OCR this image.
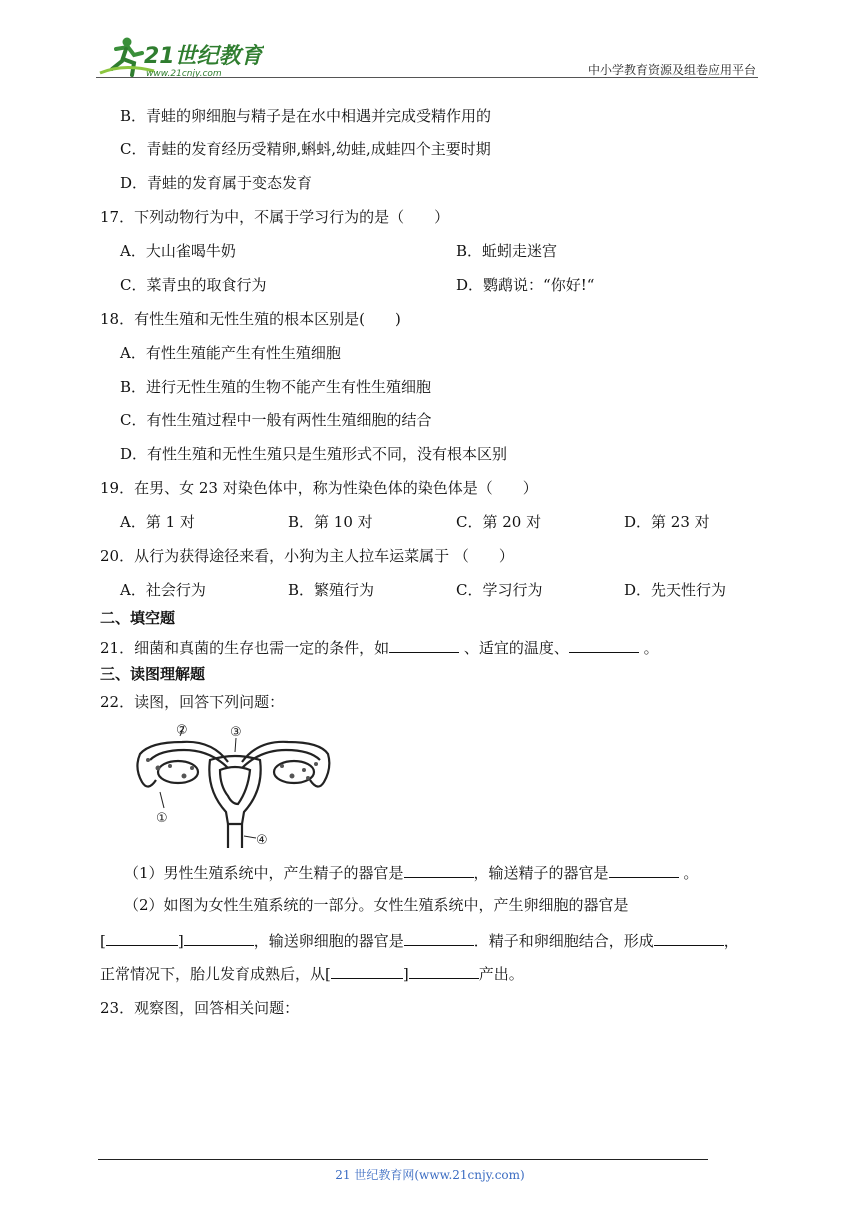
21世纪教育
www.21cnjy.com	中小学教育资源及组卷应用平台
B．青蛙的卵细胞与精子是在水中相遇并完成受精作用的
C．青蛙的发育经历受精卵,蝌蚪,幼蛙,成蛙四个主要时期
D．青蛙的发育属于变态发育
17．下列动物行为中，不属于学习行为的是（　　）
A．大山雀喝牛奶	B．蚯蚓走迷宫
C．菜青虫的取食行为	D．鹦鹉说：“你好!“
18．有性生殖和无性生殖的根本区别是(　　)
A．有性生殖能产生有性生殖细胞
B．进行无性生殖的生物不能产生有性生殖细胞
C．有性生殖过程中一般有两性生殖细胞的结合
D．有性生殖和无性生殖只是生殖形式不同，没有根本区别
19．在男、女 23 对染色体中，称为性染色体的染色体是（　　）
A．第 1 对	B．第 10 对	C．第 20 对	D．第 23 对
20．从行为获得途径来看，小狗为主人拉车运菜属于 （　　）
A．社会行为	B．繁殖行为	C．学习行为	D．先天性行为
二、填空题
21．细菌和真菌的生存也需一定的条件，如	、适宜的温度、	。
三、读图理解题
22．读图，回答下列问题：
①
②	③
④
（1）男性生殖系统中，产生精子的器官是	，输送精子的器官是	。
（2）如图为女性生殖系统的一部分。女性生殖系统中，产生卵细胞的器官是
[	]	，输送卵细胞的器官是	．精子和卵细胞结合，形成	，
正常情况下，胎儿发育成熟后，从[	]	产出。
23．观察图，回答相关问题：
21 世纪教育网(www.21cnjy.com)
